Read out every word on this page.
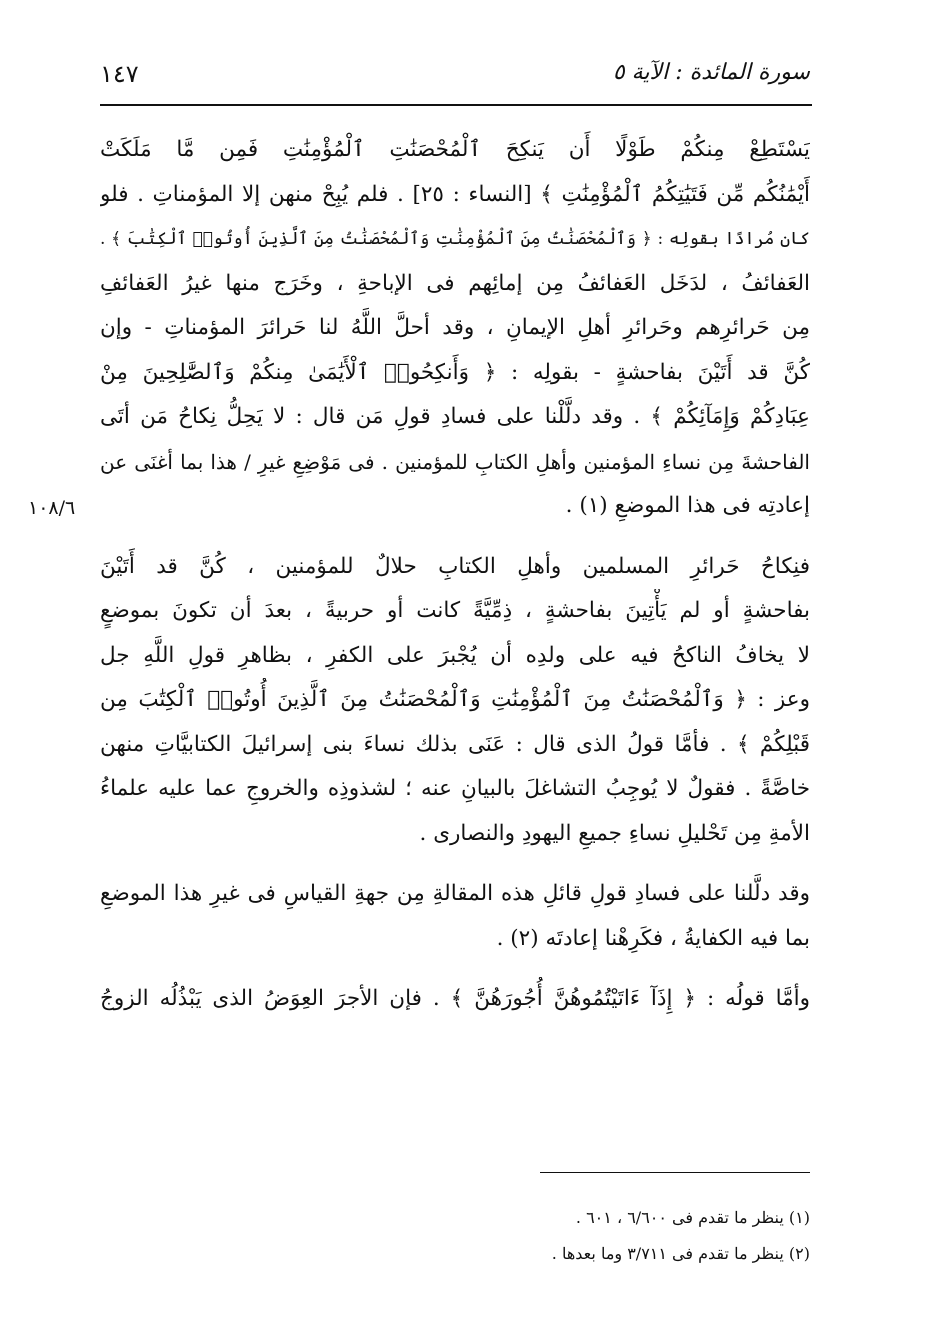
١٤٧	سورة المائدة : الآية ٥
١٠٨/٦
يَسْتَطِعْ مِنكُمْ طَوْلًا أَن يَنكِحَ ٱلْمُحْصَنَٰتِ ٱلْمُؤْمِنَٰتِ فَمِن مَّا مَلَكَتْ
أَيْمَٰنُكُم مِّن فَتَيَٰتِكُمُ ٱلْمُؤْمِنَٰتِ ﴾ [النساء : ٢٥] . فلم يُبِحْ منهن إلا المؤمناتِ . فلو
كان مُرادًا بقولِه : ﴿ وَٱلْمُحْصَنَٰتُ مِنَ ٱلْمُؤْمِنَٰتِ وَٱلْمُحْصَنَٰتُ مِنَ ٱلَّذِينَ أُوتُوا۟ ٱلْكِتَٰبَ ﴾ .
العَفائفُ ، لدَخَل العَفائفُ مِن إمائِهم فى الإباحةِ ، وخَرَج منها غيرُ العَفائفِ
مِن حَرائرِهم وحَرائرِ أهلِ الإيمانِ ، وقد أحلَّ اللَّهُ لنا حَرائرَ المؤمناتِ - وإن
كُنَّ قد أَتَيْنَ بفاحشةٍ - بقولِه : ﴿ وَأَنكِحُوا۟ ٱلْأَيَٰمَىٰ مِنكُمْ وَٱلصَّٰلِحِينَ مِنْ
عِبَادِكُمْ وَإِمَآئِكُمْ ﴾ . وقد دلَّلْنا على فسادِ قولِ مَن قال : لا يَحِلُّ نِكاحُ مَن أتَى
الفاحشةَ مِن نساءِ المؤمنين وأهلِ الكتابِ للمؤمنين . فى مَوْضِعِ غيرِ / هذا بما أغنَى عن
إعادتِه فى هذا الموضعِ (١) .
فنِكاحُ حَرائرِ المسلمين وأهلِ الكتابِ حلالٌ للمؤمنين ، كُنَّ قد أَتَيْنَ
بفاحشةٍ أو لم يَأْتِينَ بفاحشةٍ ، ذِمِّيَّةً كانت أو حربيةً ، بعدَ أن تكونَ بموضعٍ
لا يخافُ الناكحُ فيه على ولدِه أن يُجْبرَ على الكفرِ ، بظاهرِ قولِ اللَّهِ جل
وعز : ﴿ وَٱلْمُحْصَنَٰتُ مِنَ ٱلْمُؤْمِنَٰتِ وَٱلْمُحْصَنَٰتُ مِنَ ٱلَّذِينَ أُوتُوا۟ ٱلْكِتَٰبَ مِن
قَبْلِكُمْ ﴾ . فأمَّا قولُ الذى قال : عَنَى بذلك نساءَ بنى إسرائيلَ الكتابيَّاتِ منهن
خاصَّةً . فقولٌ لا يُوجِبُ التشاغلَ بالبيانِ عنه ؛ لشذوذِه والخروجِ عما عليه علماءُ
الأمةِ مِن تَحْليلِ نساءِ جميعِ اليهودِ والنصارى .
وقد دلَّلنا على فسادِ قولِ قائلِ هذه المقالةِ مِن جهةِ القياسِ فى غيرِ هذا الموضعِ
بما فيه الكفايةُ ، فكَرِهْنا إعادتَه (٢) .
وأمَّا قولُه : ﴿ إِذَآ ءَاتَيْتُمُوهُنَّ أُجُورَهُنَّ ﴾ . فإن الأجرَ العِوَضُ الذى يَبْذُلُه الزوجُ
(١) ينظر ما تقدم فى ٦/٦٠٠ ، ٦٠١ .
(٢) ينظر ما تقدم فى ٣/٧١١ وما بعدها .
